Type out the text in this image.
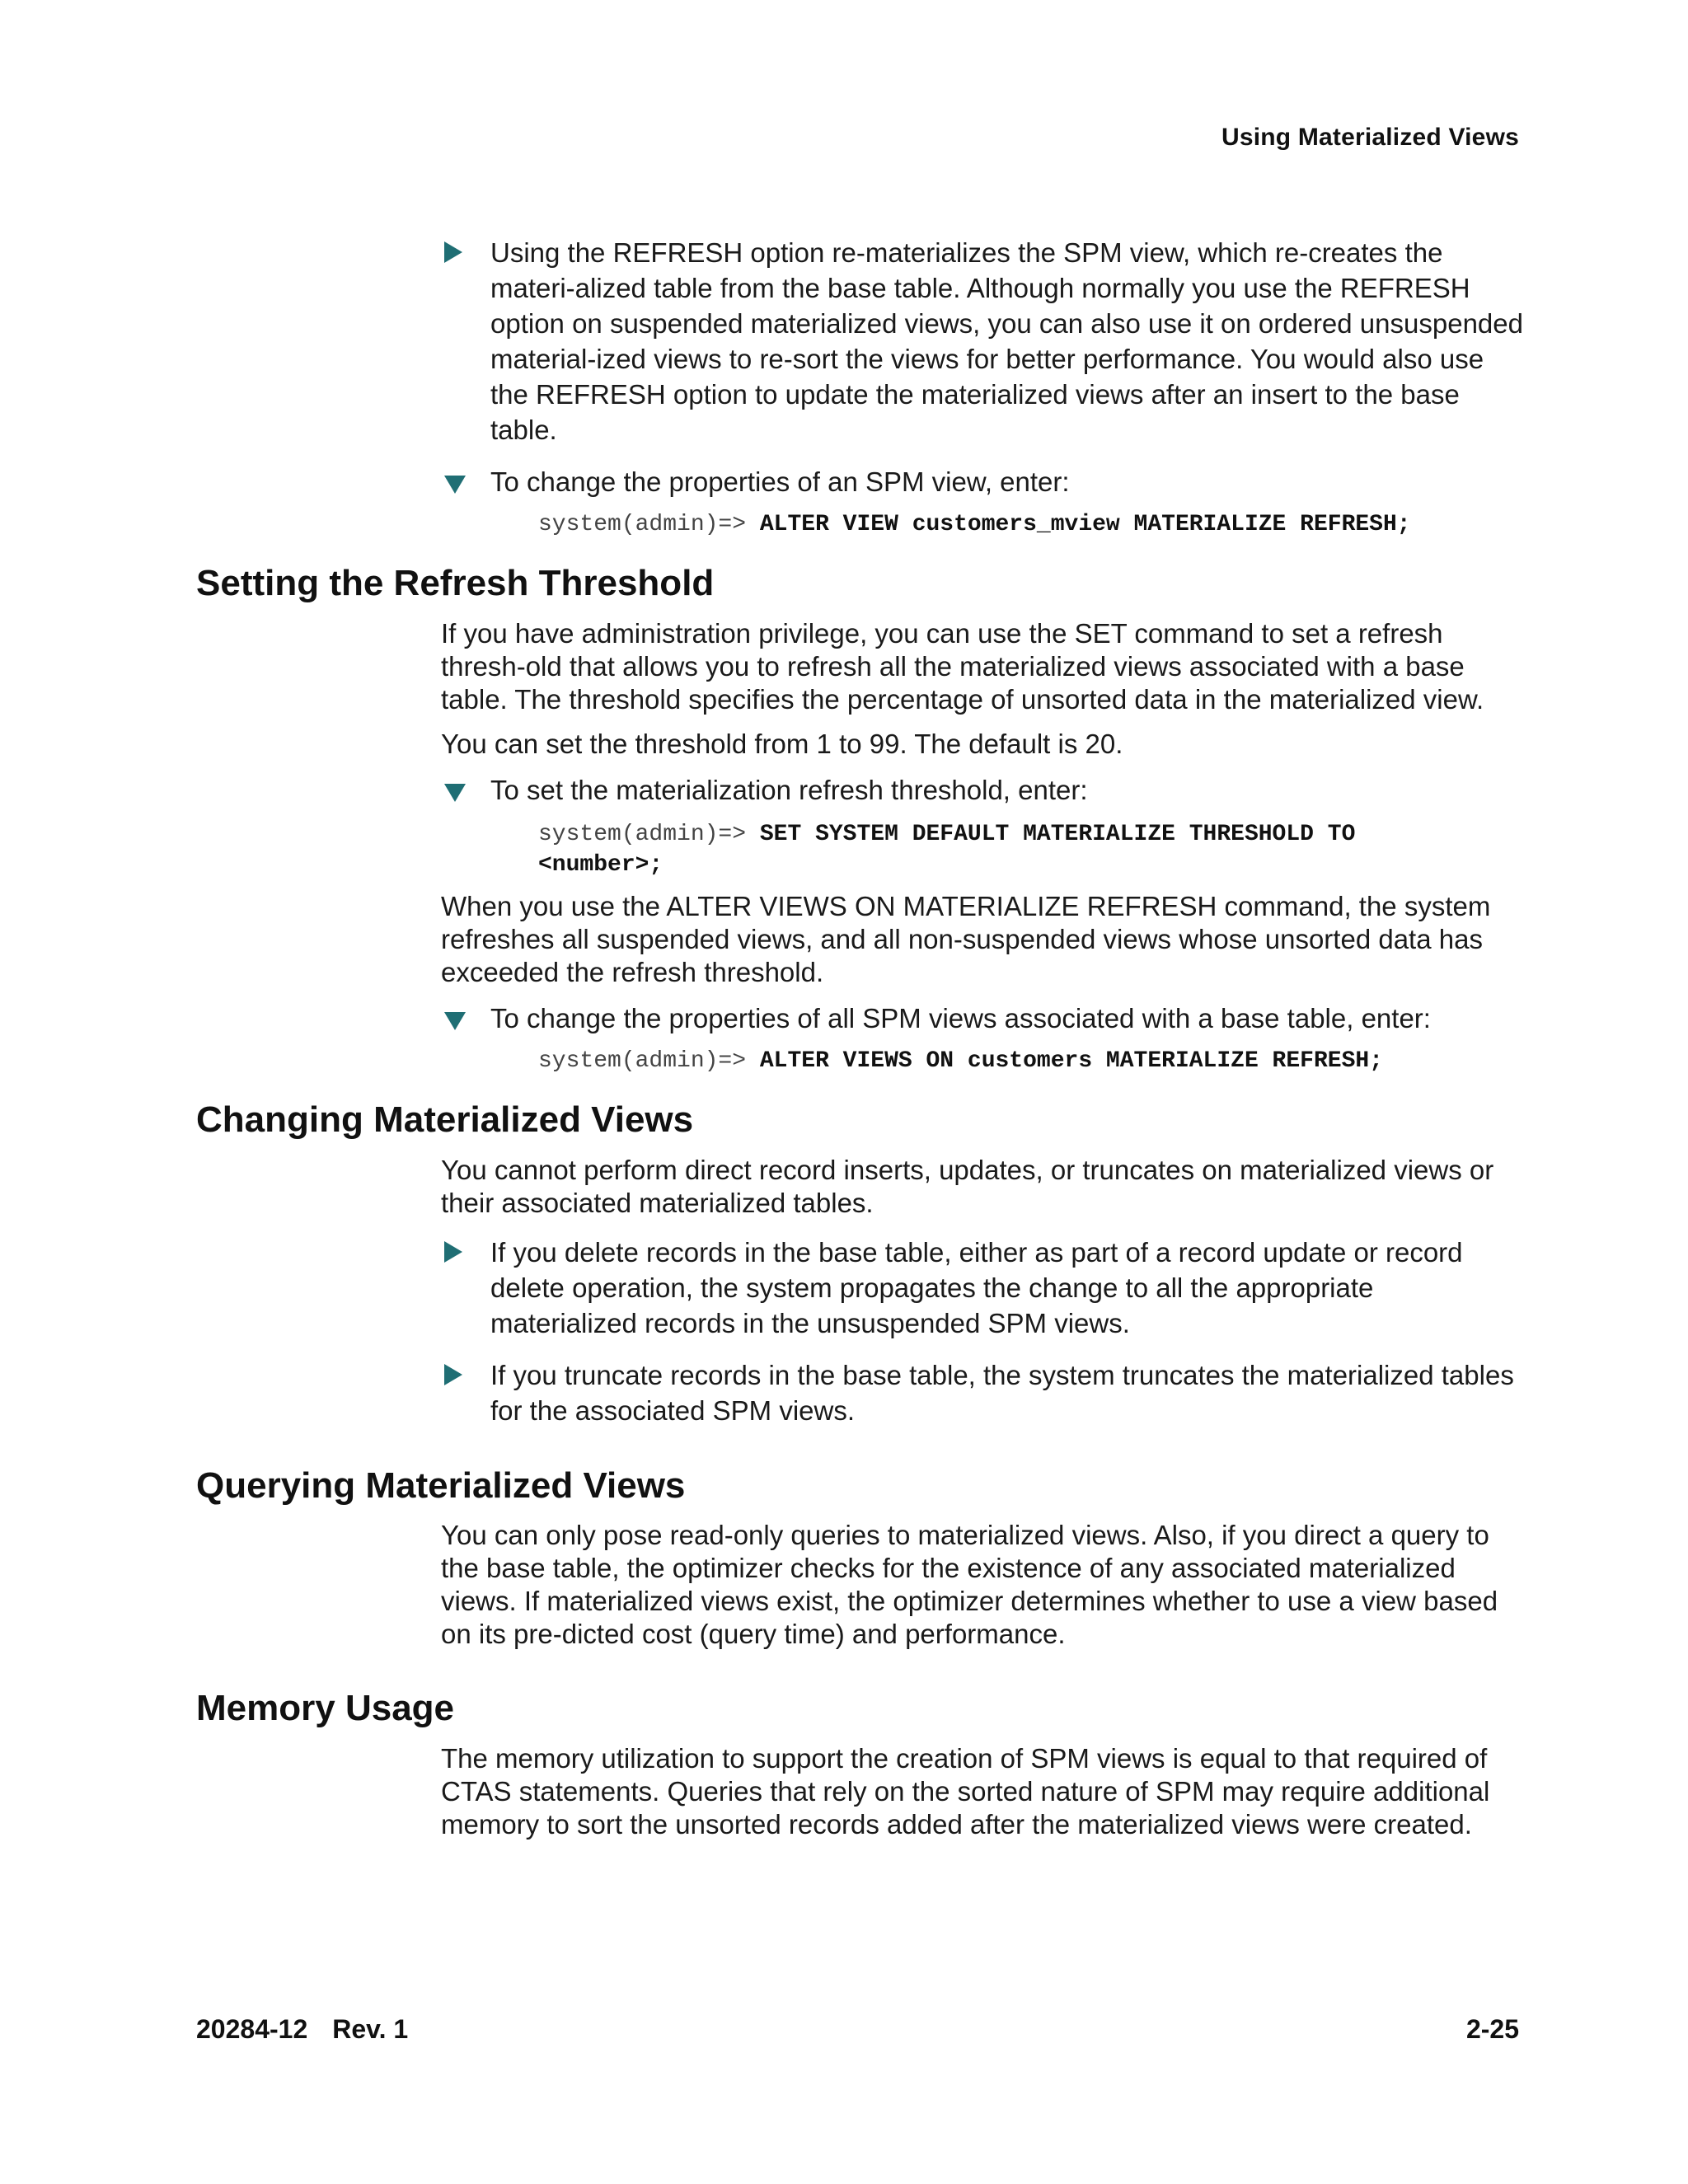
Using Materialized Views
Using the REFRESH option re-materializes the SPM view, which re-creates the materi-alized table from the base table. Although normally you use the REFRESH option on suspended materialized views, you can also use it on ordered unsuspended material-ized views to re-sort the views for better performance. You would also use the REFRESH option to update the materialized views after an insert to the base table.
To change the properties of an SPM view, enter:
system(admin)=> ALTER VIEW customers_mview MATERIALIZE REFRESH;
Setting the Refresh Threshold

If you have administration privilege, you can use the SET command to set a refresh thresh-old that allows you to refresh all the materialized views associated with a base table. The threshold specifies the percentage of unsorted data in the materialized view.

You can set the threshold from 1 to 99. The default is 20.

To set the materialization refresh threshold, enter:
system(admin)=> SET SYSTEM DEFAULT MATERIALIZE THRESHOLD TO
<number>;

When you use the ALTER VIEWS ON MATERIALIZE REFRESH command, the system refreshes all suspended views, and all non-suspended views whose unsorted data has exceeded the refresh threshold.

To change the properties of all SPM views associated with a base table, enter:
system(admin)=> ALTER VIEWS ON customers MATERIALIZE REFRESH;
Changing Materialized Views

You cannot perform direct record inserts, updates, or truncates on materialized views or their associated materialized tables.

If you delete records in the base table, either as part of a record update or record delete operation, the system propagates the change to all the appropriate materialized records in the unsuspended SPM views.
If you truncate records in the base table, the system truncates the materialized tables for the associated SPM views.
Querying Materialized Views

You can only pose read-only queries to materialized views. Also, if you direct a query to the base table, the optimizer checks for the existence of any associated materialized views. If materialized views exist, the optimizer determines whether to use a view based on its pre-dicted cost (query time) and performance.

Memory Usage

The memory utilization to support the creation of SPM views is equal to that required of CTAS statements. Queries that rely on the sorted nature of SPM may require additional memory to sort the unsorted records added after the materialized views were created.

20284-12 Rev. 1	2-25
